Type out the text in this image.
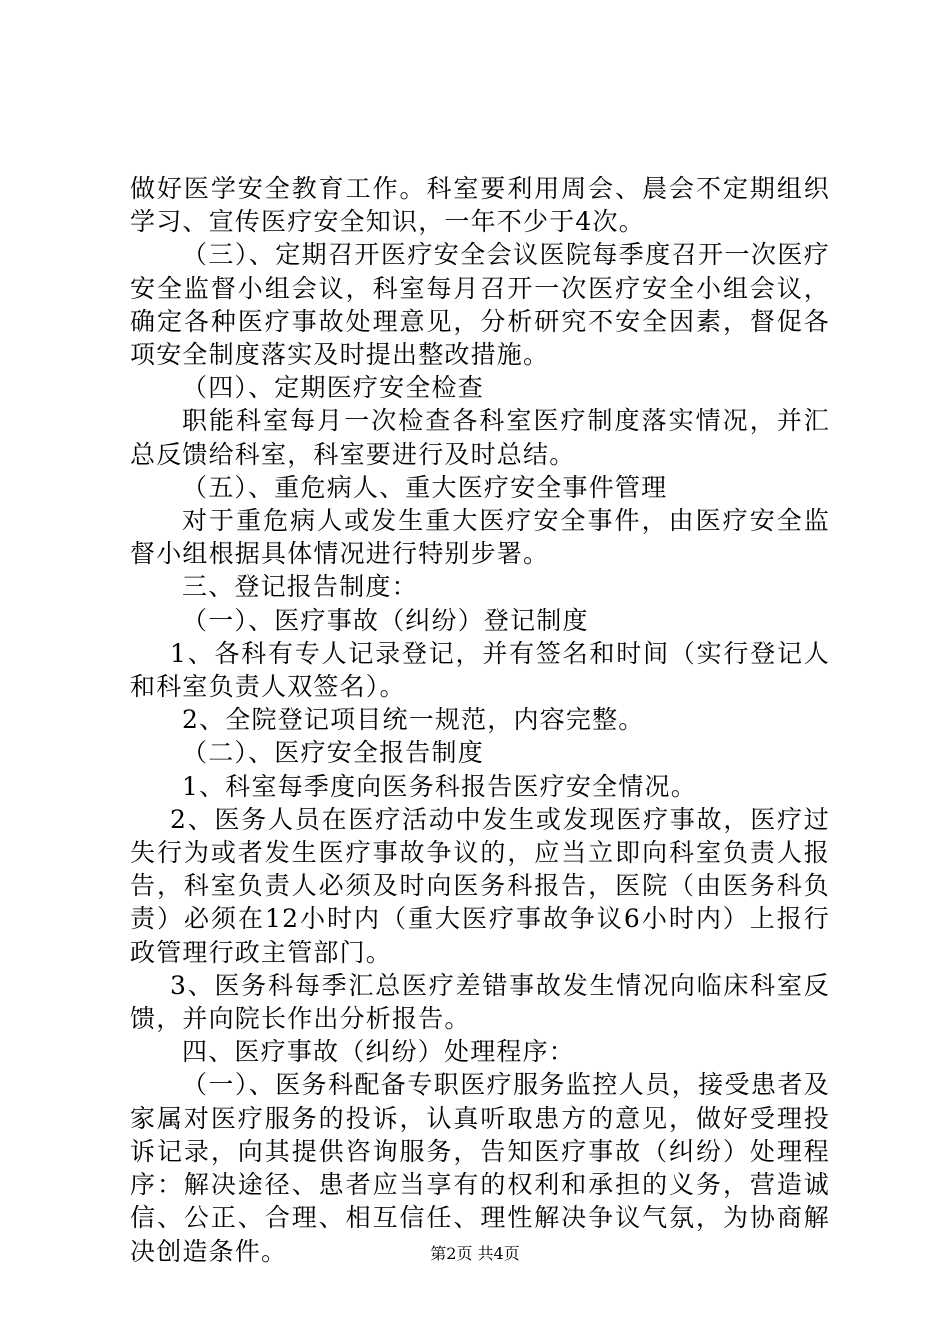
做好医学安全教育工作。科室要利用周会、晨会不定期组织学习、宣传医疗安全知识，一年不少于4次。

（三）、定期召开医疗安全会议医院每季度召开一次医疗安全监督小组会议，科室每月召开一次医疗安全小组会议，确定各种医疗事故处理意见，分析研究不安全因素，督促各项安全制度落实及时提出整改措施。

（四）、定期医疗安全检查

职能科室每月一次检查各科室医疗制度落实情况，并汇总反馈给科室，科室要进行及时总结。

（五）、重危病人、重大医疗安全事件管理

对于重危病人或发生重大医疗安全事件，由医疗安全监督小组根据具体情况进行特别步署。

三、登记报告制度：

（一）、医疗事故（纠纷）登记制度

1、各科有专人记录登记，并有签名和时间（实行登记人和科室负责人双签名）。

2、全院登记项目统一规范，内容完整。

（二）、医疗安全报告制度

1、科室每季度向医务科报告医疗安全情况。

2、医务人员在医疗活动中发生或发现医疗事故，医疗过失行为或者发生医疗事故争议的，应当立即向科室负责人报告，科室负责人必须及时向医务科报告，医院（由医务科负责）必须在12小时内（重大医疗事故争议6小时内）上报行政管理行政主管部门。

3、医务科每季汇总医疗差错事故发生情况向临床科室反馈，并向院长作出分析报告。

四、医疗事故（纠纷）处理程序：

（一）、医务科配备专职医疗服务监控人员，接受患者及家属对医疗服务的投诉，认真听取患方的意见，做好受理投诉记录，向其提供咨询服务，告知医疗事故（纠纷）处理程序：解决途径、患者应当享有的权利和承担的义务，营造诚信、公正、合理、相互信任、理性解决争议气氛，为协商解决创造条件。	第2页 共4页
